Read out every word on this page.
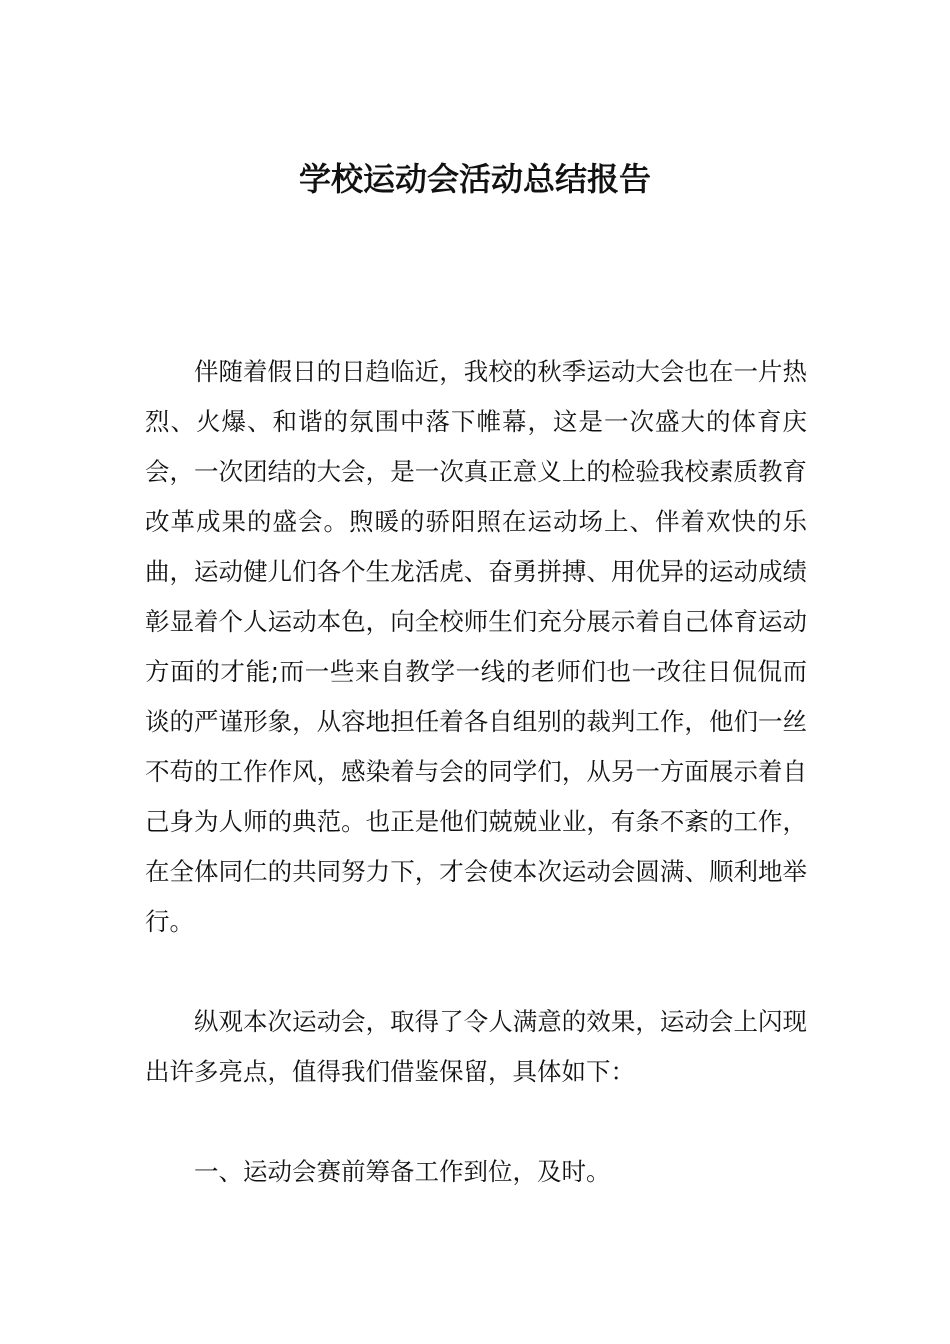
学校运动会活动总结报告

伴随着假日的日趋临近，我校的秋季运动大会也在一片热烈、火爆、和谐的氛围中落下帷幕，这是一次盛大的体育庆会，一次团结的大会，是一次真正意义上的检验我校素质教育改革成果的盛会。煦暖的骄阳照在运动场上、伴着欢快的乐曲，运动健儿们各个生龙活虎、奋勇拼搏、用优异的运动成绩彰显着个人运动本色，向全校师生们充分展示着自己体育运动方面的才能;而一些来自教学一线的老师们也一改往日侃侃而谈的严谨形象，从容地担任着各自组别的裁判工作，他们一丝不苟的工作作风，感染着与会的同学们，从另一方面展示着自己身为人师的典范。也正是他们兢兢业业，有条不紊的工作，在全体同仁的共同努力下，才会使本次运动会圆满、顺利地举行。

纵观本次运动会，取得了令人满意的效果，运动会上闪现出许多亮点，值得我们借鉴保留，具体如下：

一、运动会赛前筹备工作到位，及时。
